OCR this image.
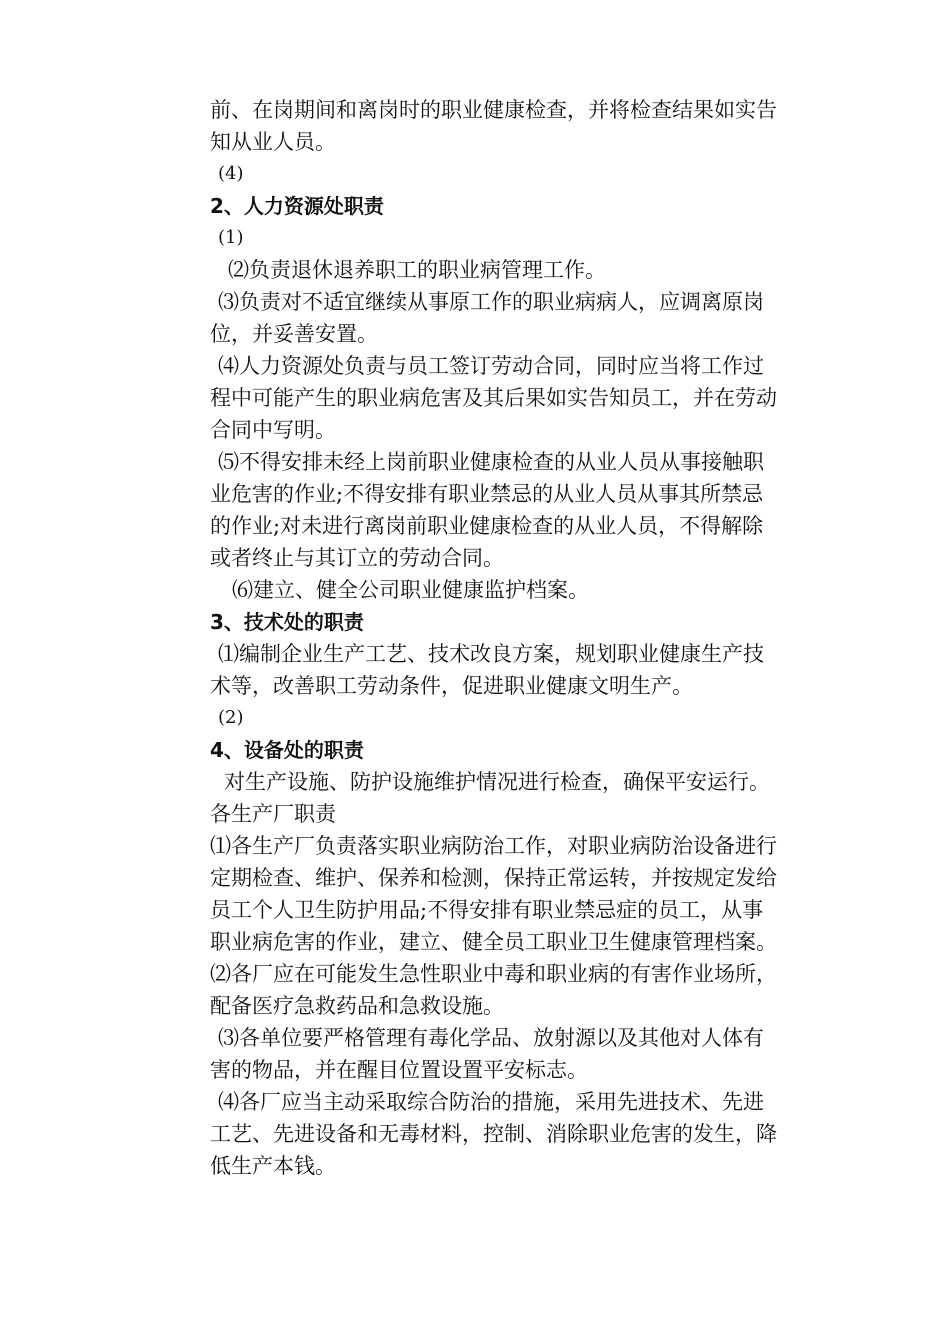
前、在岗期间和离岗时的职业健康检查，并将检查结果如实告
知从业人员。
(4)
2、人力资源处职责
(1)
⑵负责退休退养职工的职业病管理工作。
⑶负责对不适宜继续从事原工作的职业病病人，应调离原岗
位，并妥善安置。
⑷人力资源处负责与员工签订劳动合同，同时应当将工作过
程中可能产生的职业病危害及其后果如实告知员工，并在劳动
合同中写明。
⑸不得安排未经上岗前职业健康检查的从业人员从事接触职
业危害的作业;不得安排有职业禁忌的从业人员从事其所禁忌
的作业;对未进行离岗前职业健康检查的从业人员，不得解除
或者终止与其订立的劳动合同。
⑹建立、健全公司职业健康监护档案。
3、技术处的职责
⑴编制企业生产工艺、技术改良方案，规划职业健康生产技
术等，改善职工劳动条件，促进职业健康文明生产。
(2)
4、设备处的职责
对生产设施、防护设施维护情况进行检查，确保平安运行。
各生产厂职责
⑴各生产厂负责落实职业病防治工作，对职业病防治设备进行
定期检查、维护、保养和检测，保持正常运转，并按规定发给
员工个人卫生防护用品;不得安排有职业禁忌症的员工，从事
职业病危害的作业，建立、健全员工职业卫生健康管理档案。
⑵各厂应在可能发生急性职业中毒和职业病的有害作业场所，
配备医疗急救药品和急救设施。
⑶各单位要严格管理有毒化学品、放射源以及其他对人体有
害的物品，并在醒目位置设置平安标志。
⑷各厂应当主动采取综合防治的措施，采用先进技术、先进
工艺、先进设备和无毒材料，控制、消除职业危害的发生，降
低生产本钱。
